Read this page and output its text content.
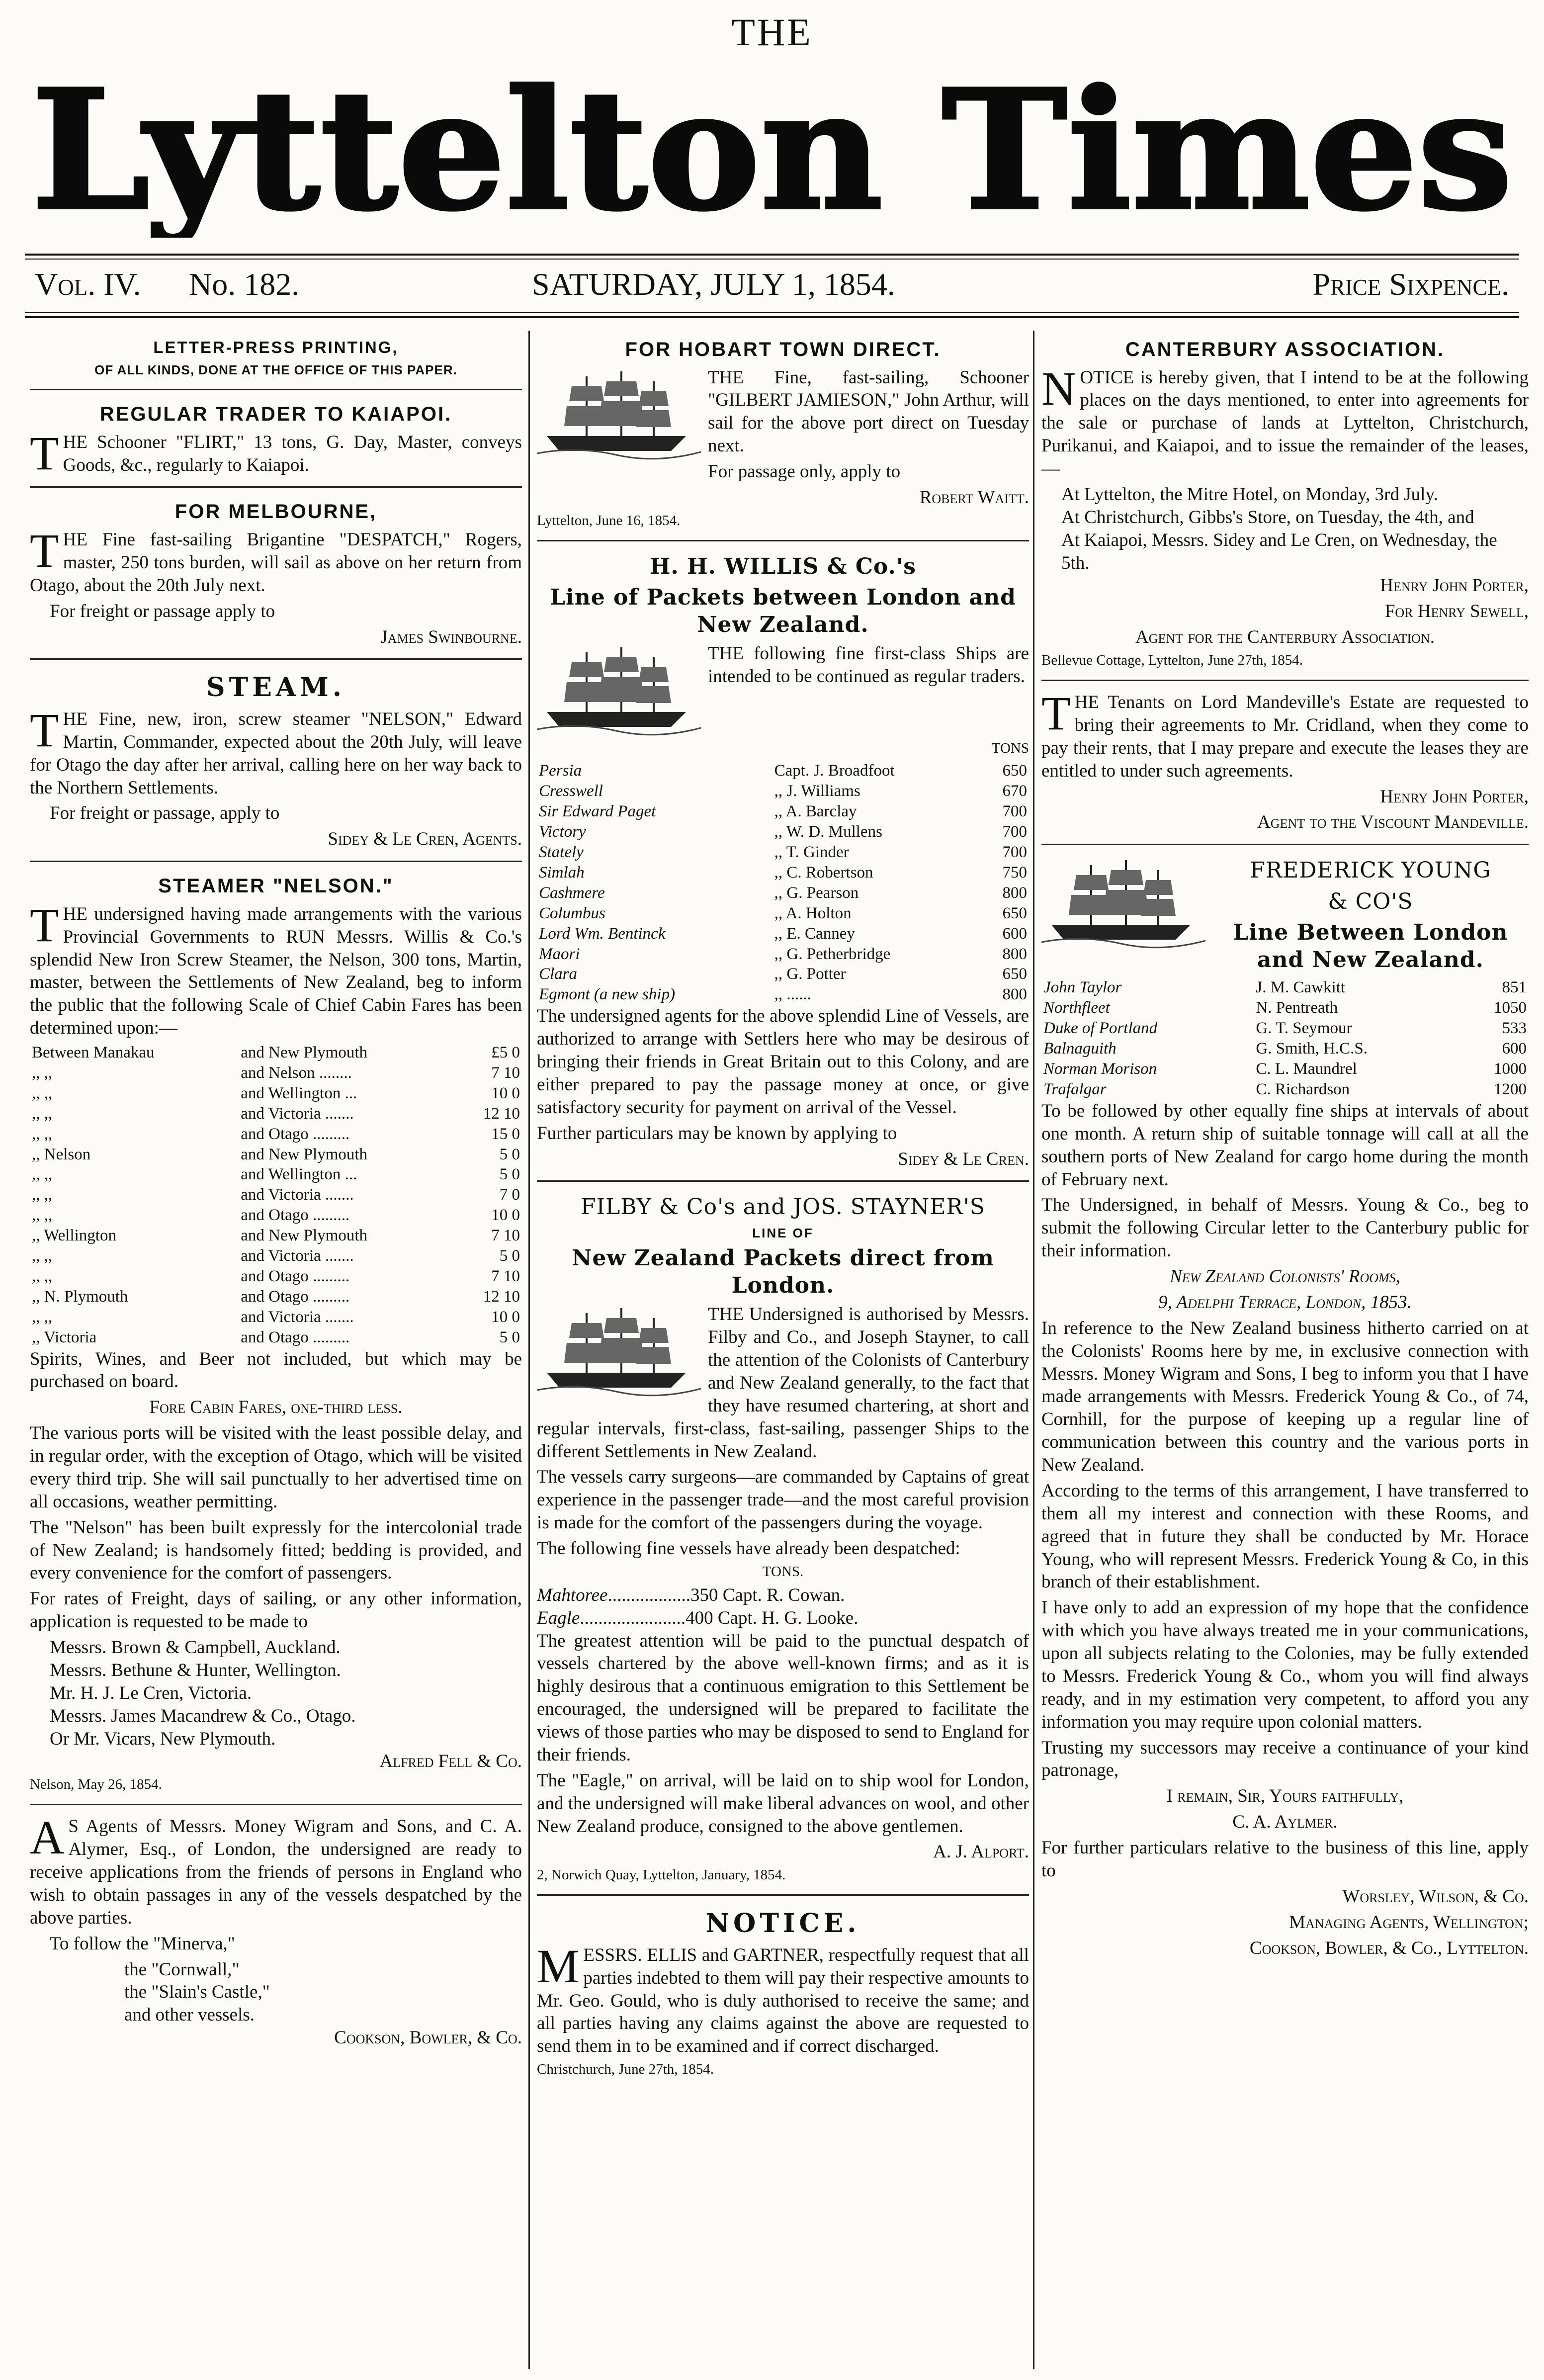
THE
Lyttelton Times
Vol. IV. No. 182.	SATURDAY, JULY 1, 1854.	Price Sixpence.
LETTER-PRESS PRINTING,
OF ALL KINDS, DONE AT THE OFFICE OF THIS PAPER.
REGULAR TRADER TO KAIAPOI.

THE Schooner "FLIRT," 13 tons, G. Day, Master, conveys Goods, &c., regularly to Kaiapoi.

FOR MELBOURNE,

THE Fine fast-sailing Brigantine "DESPATCH," Rogers, master, 250 tons burden, will sail as above on her return from Otago, about the 20th July next.

For freight or passage apply to

James Swinbourne.

STEAM.

THE Fine, new, iron, screw steamer "NELSON," Edward Martin, Commander, expected about the 20th July, will leave for Otago the day after her arrival, calling here on her way back to the Northern Settlements.

For freight or passage, apply to

Sidey & Le Cren, Agents.

STEAMER "NELSON."

THE undersigned having made arrangements with the various Provincial Governments to RUN Messrs. Willis & Co.'s splendid New Iron Screw Steamer, the Nelson, 300 tons, Martin, master, between the Settlements of New Zealand, beg to inform the public that the following Scale of Chief Cabin Fares has been determined upon:—

Between Manakau	and New Plymouth	£5 0
,, ,,	and Nelson ........	7 10
,, ,,	and Wellington ...	10 0
,, ,,	and Victoria .......	12 10
,, ,,	and Otago .........	15 0
,, Nelson	and New Plymouth	5 0
,, ,,	and Wellington ...	5 0
,, ,,	and Victoria .......	7 0
,, ,,	and Otago .........	10 0
,, Wellington	and New Plymouth	7 10
,, ,,	and Victoria .......	5 0
,, ,,	and Otago .........	7 10
,, N. Plymouth	and Otago .........	12 10
,, ,,	and Victoria .......	10 0
,, Victoria	and Otago .........	5 0

Spirits, Wines, and Beer not included, but which may be purchased on board.

Fore Cabin Fares, one-third less.

The various ports will be visited with the least possible delay, and in regular order, with the exception of Otago, which will be visited every third trip. She will sail punctually to her advertised time on all occasions, weather permitting.

The "Nelson" has been built expressly for the intercolonial trade of New Zealand; is handsomely fitted; bedding is provided, and every convenience for the comfort of passengers.

For rates of Freight, days of sailing, or any other information, application is requested to be made to

Messrs. Brown & Campbell, Auckland.
Messrs. Bethune & Hunter, Wellington.
Mr. H. J. Le Cren, Victoria.
Messrs. James Macandrew & Co., Otago.
Or Mr. Vicars, New Plymouth.

Alfred Fell & Co.

Nelson, May 26, 1854.

AS Agents of Messrs. Money Wigram and Sons, and C. A. Alymer, Esq., of London, the undersigned are ready to receive applications from the friends of persons in England who wish to obtain passages in any of the vessels despatched by the above parties.

To follow the "Minerva,"

the "Cornwall,"
the "Slain's Castle,"
and other vessels.

Cookson, Bowler, & Co.

FOR HOBART TOWN DIRECT.

THE Fine, fast-sailing, Schooner "GILBERT JAMIESON," John Arthur, will sail for the above port direct on Tuesday next.

For passage only, apply to

Robert Waitt.

Lyttelton, June 16, 1854.

H. H. WILLIS & Co.'s
Line of Packets between London and New Zealand.

THE following fine first-class Ships are intended to be continued as regular traders.

TONS

Persia	Capt. J. Broadfoot	650
Cresswell	,, J. Williams	670
Sir Edward Paget	,, A. Barclay	700
Victory	,, W. D. Mullens	700
Stately	,, T. Ginder	700
Simlah	,, C. Robertson	750
Cashmere	,, G. Pearson	800
Columbus	,, A. Holton	650
Lord Wm. Bentinck	,, E. Canney	600
Maori	,, G. Petherbridge	800
Clara	,, G. Potter	650
Egmont (a new ship)	,, ......	800

The undersigned agents for the above splendid Line of Vessels, are authorized to arrange with Settlers here who may be desirous of bringing their friends in Great Britain out to this Colony, and are either prepared to pay the passage money at once, or give satisfactory security for payment on arrival of the Vessel.

Further particulars may be known by applying to

Sidey & Le Cren.

FILBY & Co's and JOS. STAYNER'S
LINE OF
New Zealand Packets direct from London.

THE Undersigned is authorised by Messrs. Filby and Co., and Joseph Stayner, to call the attention of the Colonists of Canterbury and New Zealand generally, to the fact that they have resumed chartering, at short and regular intervals, first-class, fast-sailing, passenger Ships to the different Settlements in New Zealand.

The vessels carry surgeons—are commanded by Captains of great experience in the passenger trade—and the most careful provision is made for the comfort of the passengers during the voyage.

The following fine vessels have already been despatched:

TONS.

Mahtoree..................350 Capt. R. Cowan.
Eagle.......................400 Capt. H. G. Looke.

The greatest attention will be paid to the punctual despatch of vessels chartered by the above well-known firms; and as it is highly desirous that a continuous emigration to this Settlement be encouraged, the undersigned will be prepared to facilitate the views of those parties who may be disposed to send to England for their friends.

The "Eagle," on arrival, will be laid on to ship wool for London, and the undersigned will make liberal advances on wool, and other New Zealand produce, consigned to the above gentlemen.

A. J. Alport.

2, Norwich Quay, Lyttelton, January, 1854.

NOTICE.

MESSRS. ELLIS and GARTNER, respectfully request that all parties indebted to them will pay their respective amounts to Mr. Geo. Gould, who is duly authorised to receive the same; and all parties having any claims against the above are requested to send them in to be examined and if correct discharged.

Christchurch, June 27th, 1854.

CANTERBURY ASSOCIATION.

NOTICE is hereby given, that I intend to be at the following places on the days mentioned, to enter into agreements for the sale or purchase of lands at Lyttelton, Christchurch, Purikanui, and Kaiapoi, and to issue the remainder of the leases,—

At Lyttelton, the Mitre Hotel, on Monday, 3rd July.
At Christchurch, Gibbs's Store, on Tuesday, the 4th, and
At Kaiapoi, Messrs. Sidey and Le Cren, on Wednesday, the 5th.

Henry John Porter,

For Henry Sewell,

Agent for the Canterbury Association.

Bellevue Cottage, Lyttelton, June 27th, 1854.

THE Tenants on Lord Mandeville's Estate are requested to bring their agreements to Mr. Cridland, when they come to pay their rents, that I may prepare and execute the leases they are entitled to under such agreements.

Henry John Porter,

Agent to the Viscount Mandeville.

FREDERICK YOUNG
& CO'S
Line Between London and New Zealand.
John Taylor	J. M. Cawkitt	851
Northfleet	N. Pentreath	1050
Duke of Portland	G. T. Seymour	533
Balnaguith	G. Smith, H.C.S.	600
Norman Morison	C. L. Maundrel	1000
Trafalgar	C. Richardson	1200

To be followed by other equally fine ships at intervals of about one month. A return ship of suitable tonnage will call at all the southern ports of New Zealand for cargo home during the month of February next.

The Undersigned, in behalf of Messrs. Young & Co., beg to submit the following Circular letter to the Canterbury public for their information.

New Zealand Colonists' Rooms,

9, Adelphi Terrace, London, 1853.

In reference to the New Zealand business hitherto carried on at the Colonists' Rooms here by me, in exclusive connection with Messrs. Money Wigram and Sons, I beg to inform you that I have made arrangements with Messrs. Frederick Young & Co., of 74, Cornhill, for the purpose of keeping up a regular line of communication between this country and the various ports in New Zealand.

According to the terms of this arrangement, I have transferred to them all my interest and connection with these Rooms, and agreed that in future they shall be conducted by Mr. Horace Young, who will represent Messrs. Frederick Young & Co, in this branch of their establishment.

I have only to add an expression of my hope that the confidence with which you have always treated me in your communications, upon all subjects relating to the Colonies, may be fully extended to Messrs. Frederick Young & Co., whom you will find always ready, and in my estimation very competent, to afford you any information you may require upon colonial matters.

Trusting my successors may receive a continuance of your kind patronage,

I remain, Sir, Yours faithfully,

C. A. Aylmer.

For further particulars relative to the business of this line, apply to

Worsley, Wilson, & Co.

Managing Agents, Wellington;

Cookson, Bowler, & Co., Lyttelton.
